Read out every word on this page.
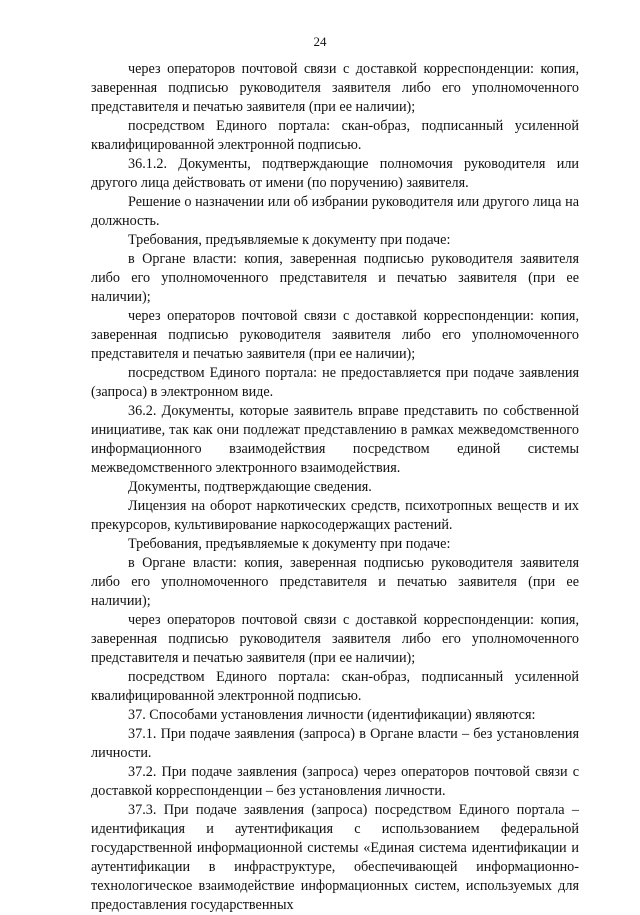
24

через операторов почтовой связи с доставкой корреспонденции: копия, заверенная подписью руководителя заявителя либо его уполномоченного представителя и печатью заявителя (при ее наличии);

посредством Единого портала: скан-образ, подписанный усиленной квалифицированной электронной подписью.

36.1.2. Документы, подтверждающие полномочия руководителя или другого лица действовать от имени (по поручению) заявителя.

Решение о назначении или об избрании руководителя или другого лица на должность.

Требования, предъявляемые к документу при подаче:

в Органе власти: копия, заверенная подписью руководителя заявителя либо его уполномоченного представителя и печатью заявителя (при ее наличии);

через операторов почтовой связи с доставкой корреспонденции: копия, заверенная подписью руководителя заявителя либо его уполномоченного представителя и печатью заявителя (при ее наличии);

посредством Единого портала: не предоставляется при подаче заявления (запроса) в электронном виде.

36.2. Документы, которые заявитель вправе представить по собственной инициативе, так как они подлежат представлению в рамках межведомственного информационного взаимодействия посредством единой системы межведомственного электронного взаимодействия.

Документы, подтверждающие сведения.

Лицензия на оборот наркотических средств, психотропных веществ и их прекурсоров, культивирование наркосодержащих растений.

Требования, предъявляемые к документу при подаче:

в Органе власти: копия, заверенная подписью руководителя заявителя либо его уполномоченного представителя и печатью заявителя (при ее наличии);

через операторов почтовой связи с доставкой корреспонденции: копия, заверенная подписью руководителя заявителя либо его уполномоченного представителя и печатью заявителя (при ее наличии);

посредством Единого портала: скан-образ, подписанный усиленной квалифицированной электронной подписью.

37. Способами установления личности (идентификации) являются:

37.1. При подаче заявления (запроса) в Органе власти – без установления личности.

37.2. При подаче заявления (запроса) через операторов почтовой связи с доставкой корреспонденции – без установления личности.

37.3. При подаче заявления (запроса) посредством Единого портала – идентификация и аутентификация с использованием федеральной государственной информационной системы «Единая система идентификации и аутентификации в инфраструктуре, обеспечивающей информационно-технологическое взаимодействие информационных систем, используемых для предоставления государственных
